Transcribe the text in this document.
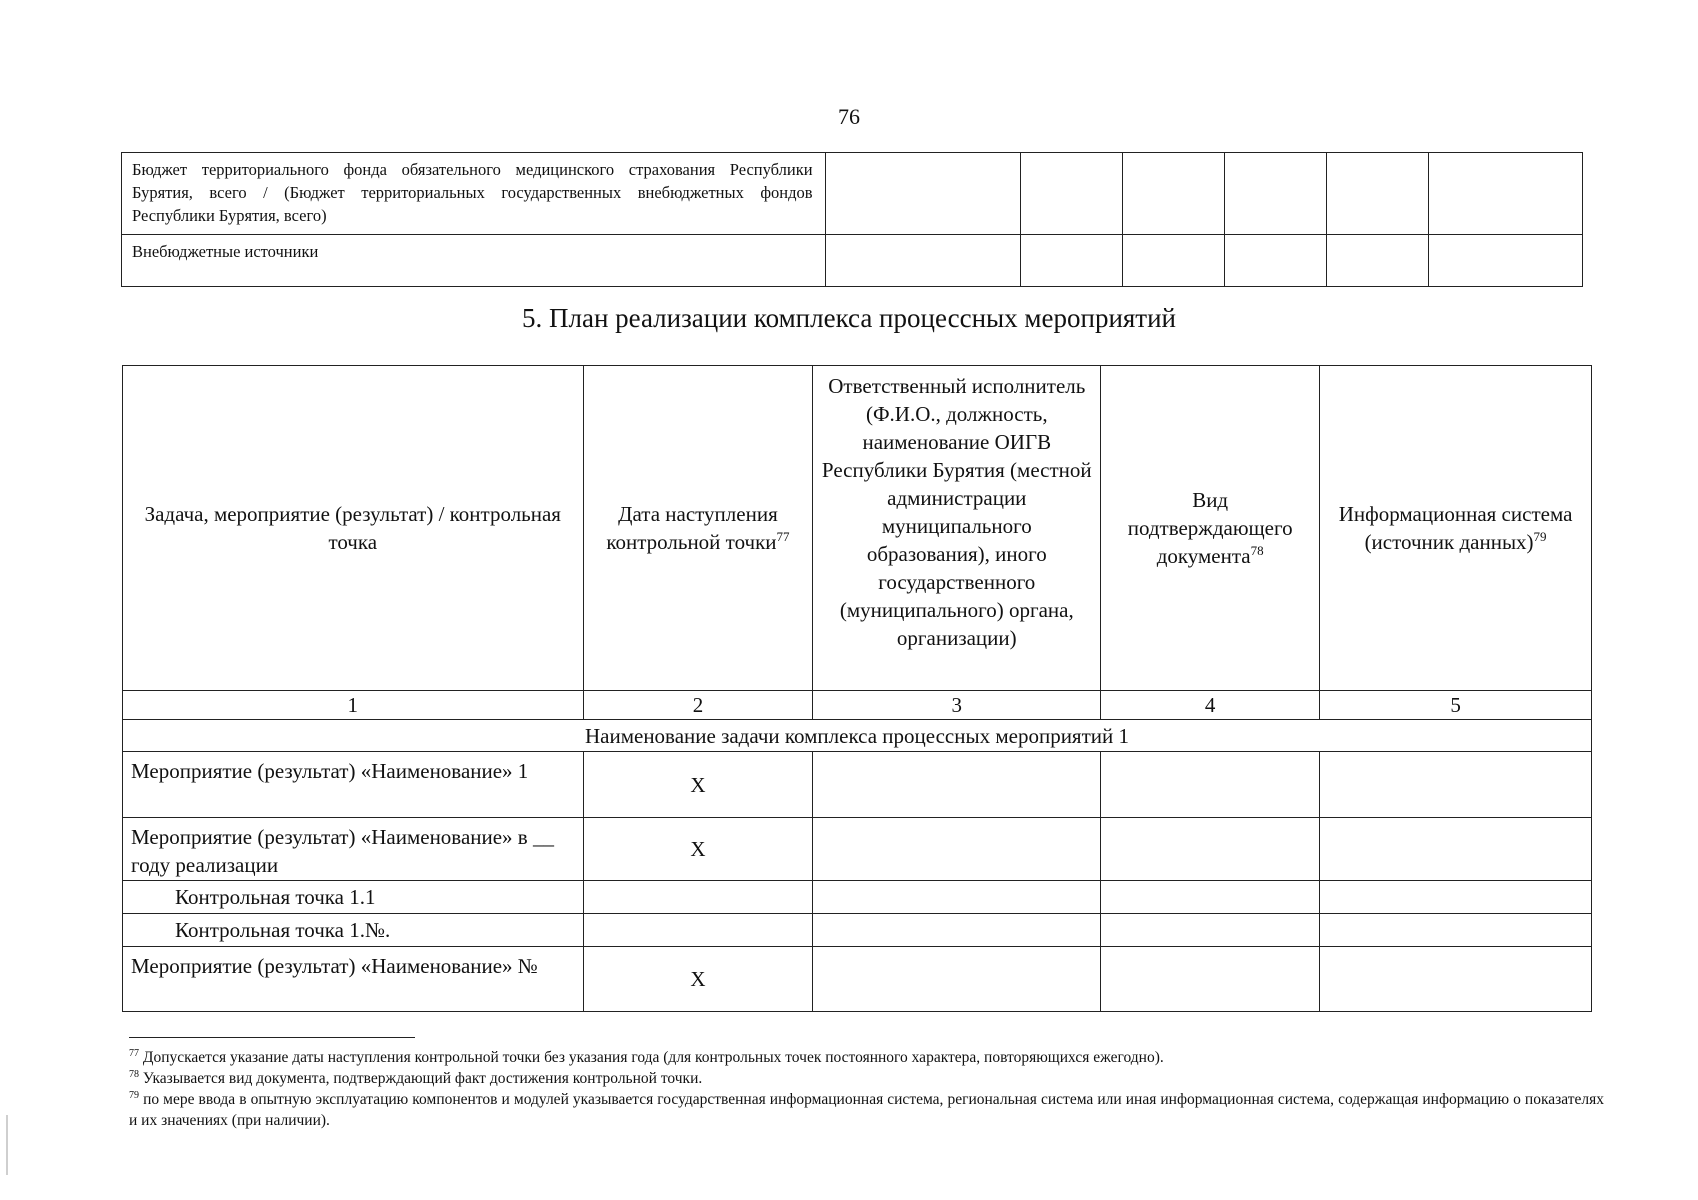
76
Бюджет территориального фонда обязательного медицинского страхования Республики Бурятия, всего / (Бюджет территориальных государственных внебюджетных фондов Республики Бурятия, всего)						
Внебюджетные источники						
5. План реализации комплекса процессных мероприятий
Задача, мероприятие (результат) / контрольная точка	Дата наступления контрольной точки$^{77}$	Ответственный исполнитель (Ф.И.О., должность, наименование ОИГВ Республики Бурятия (местной администрации муниципального образования), иного государственного (муниципального) органа, организации)	Вид подтверждающего документа$^{78}$	Информационная система (источник данных)$^{79}$
1	2	3	4	5
Наименование задачи комплекса процессных мероприятий 1				
Мероприятие (результат) «Наименование» 1	X			
Мероприятие (результат) «Наименование» в __ году реализации	X			
Контрольная точка 1.1				
Контрольная точка 1.№.				
Мероприятие (результат) «Наименование» №	X			

$^{77}$ Допускается указание даты наступления контрольной точки без указания года (для контрольных точек постоянного характера, повторяющихся ежегодно).

$^{78}$ Указывается вид документа, подтверждающий факт достижения контрольной точки.

$^{79}$ по мере ввода в опытную эксплуатацию компонентов и модулей указывается государственная информационная система, региональная система или иная информационная система, содержащая информацию о показателях и их значениях (при наличии).
